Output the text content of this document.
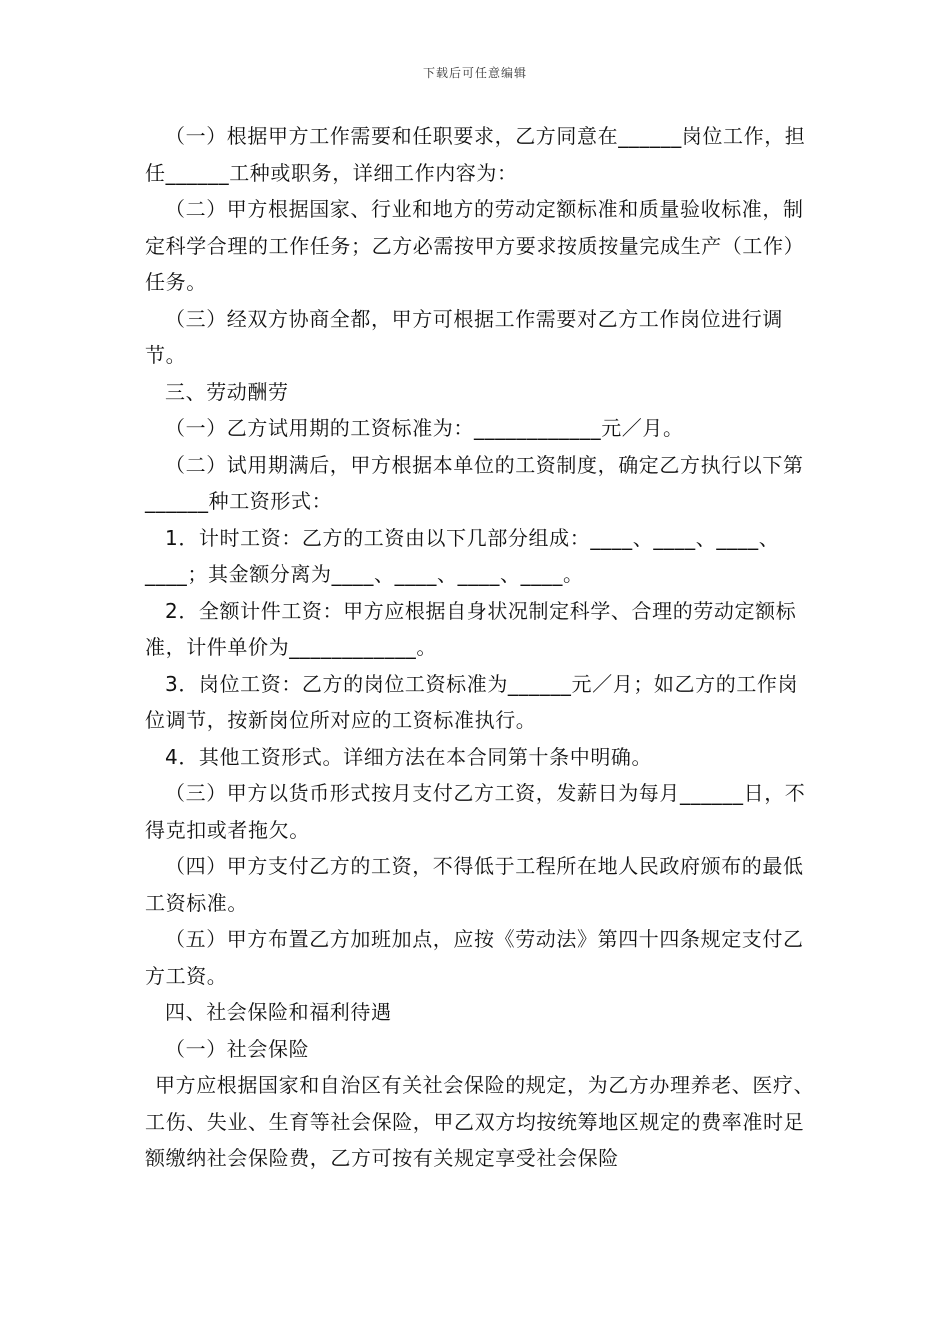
下载后可任意编辑

（一）根据甲方工作需要和任职要求，乙方同意在______岗位工作，担任______工种或职务，详细工作内容为：

（二）甲方根据国家、行业和地方的劳动定额标准和质量验收标准，制定科学合理的工作任务；乙方必需按甲方要求按质按量完成生产（工作）任务。

（三）经双方协商全都，甲方可根据工作需要对乙方工作岗位进行调节。

三、劳动酬劳

（一）乙方试用期的工资标准为：____________元／月。

（二）试用期满后，甲方根据本单位的工资制度，确定乙方执行以下第______种工资形式：

1．计时工资：乙方的工资由以下几部分组成：____、____、____、____；其金额分离为____、____、____、____。

2．全额计件工资：甲方应根据自身状况制定科学、合理的劳动定额标准，计件单价为____________。

3．岗位工资：乙方的岗位工资标准为______元／月；如乙方的工作岗位调节，按新岗位所对应的工资标准执行。

4．其他工资形式。详细方法在本合同第十条中明确。

（三）甲方以货币形式按月支付乙方工资，发薪日为每月______日，不得克扣或者拖欠。

（四）甲方支付乙方的工资，不得低于工程所在地人民政府颁布的最低工资标准。

（五）甲方布置乙方加班加点，应按《劳动法》第四十四条规定支付乙方工资。

四、社会保险和福利待遇

（一）社会保险

甲方应根据国家和自治区有关社会保险的规定，为乙方办理养老、医疗、工伤、失业、生育等社会保险，甲乙双方均按统筹地区规定的费率准时足额缴纳社会保险费，乙方可按有关规定享受社会保险
